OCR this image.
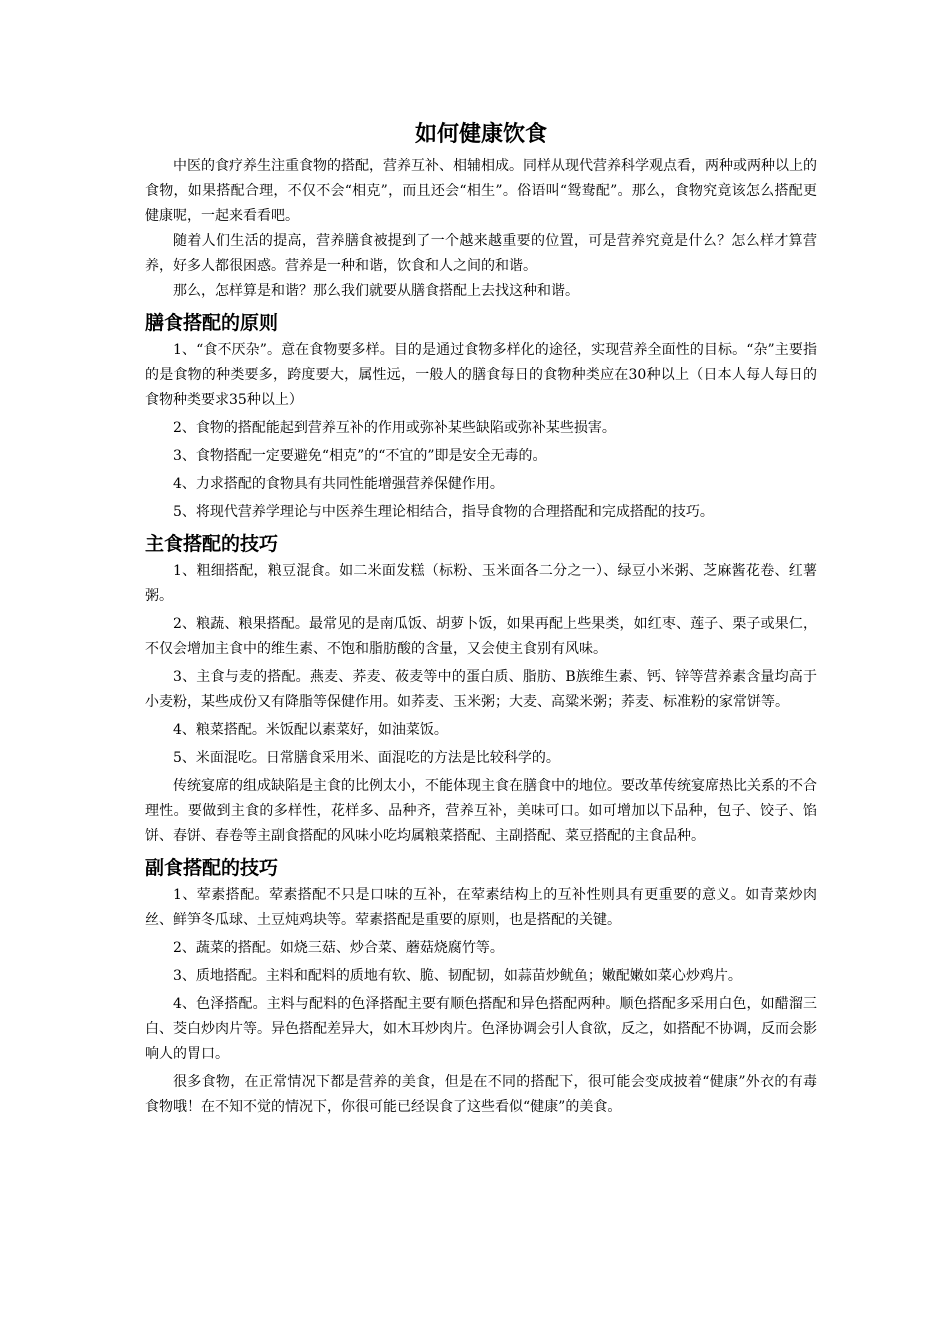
如何健康饮食

中医的食疗养生注重食物的搭配，营养互补、相辅相成。同样从现代营养科学观点看，两种或两种以上的食物，如果搭配合理，不仅不会“相克”，而且还会“相生”。俗语叫“鸳鸯配”。那么，食物究竟该怎么搭配更健康呢，一起来看看吧。

随着人们生活的提高，营养膳食被提到了一个越来越重要的位置，可是营养究竟是什么？怎么样才算营养，好多人都很困惑。营养是一种和谐，饮食和人之间的和谐。

那么，怎样算是和谐？那么我们就要从膳食搭配上去找这种和谐。

膳食搭配的原则

1、“食不厌杂”。意在食物要多样。目的是通过食物多样化的途径，实现营养全面性的目标。“杂”主要指的是食物的种类要多，跨度要大，属性远，一般人的膳食每日的食物种类应在30种以上（日本人每人每日的食物种类要求35种以上）

2、食物的搭配能起到营养互补的作用或弥补某些缺陷或弥补某些损害。

3、食物搭配一定要避免“相克”的“不宜的”即是安全无毒的。

4、力求搭配的食物具有共同性能增强营养保健作用。

5、将现代营养学理论与中医养生理论相结合，指导食物的合理搭配和完成搭配的技巧。

主食搭配的技巧

1、粗细搭配，粮豆混食。如二米面发糕（标粉、玉米面各二分之一）、绿豆小米粥、芝麻酱花卷、红薯粥。

2、粮蔬、粮果搭配。最常见的是南瓜饭、胡萝卜饭，如果再配上些果类，如红枣、莲子、栗子或果仁，不仅会增加主食中的维生素、不饱和脂肪酸的含量，又会使主食别有风味。

3、主食与麦的搭配。燕麦、荞麦、莜麦等中的蛋白质、脂肪、B族维生素、钙、锌等营养素含量均高于小麦粉，某些成份又有降脂等保健作用。如荞麦、玉米粥；大麦、高粱米粥；荞麦、标准粉的家常饼等。

4、粮菜搭配。米饭配以素菜好，如油菜饭。

5、米面混吃。日常膳食采用米、面混吃的方法是比较科学的。

传统宴席的组成缺陷是主食的比例太小，不能体现主食在膳食中的地位。要改革传统宴席热比关系的不合理性。要做到主食的多样性，花样多、品种齐，营养互补，美味可口。如可增加以下品种，包子、饺子、馅饼、春饼、春卷等主副食搭配的风味小吃均属粮菜搭配、主副搭配、菜豆搭配的主食品种。

副食搭配的技巧

1、荤素搭配。荤素搭配不只是口味的互补，在荤素结构上的互补性则具有更重要的意义。如青菜炒肉丝、鲜笋冬瓜球、土豆炖鸡块等。荤素搭配是重要的原则，也是搭配的关键。

2、蔬菜的搭配。如烧三菇、炒合菜、蘑菇烧腐竹等。

3、质地搭配。主料和配料的质地有软、脆、韧配韧，如蒜苗炒鱿鱼；嫩配嫩如菜心炒鸡片。

4、色泽搭配。主料与配料的色泽搭配主要有顺色搭配和异色搭配两种。顺色搭配多采用白色，如醋溜三白、茭白炒肉片等。异色搭配差异大，如木耳炒肉片。色泽协调会引人食欲，反之，如搭配不协调，反而会影响人的胃口。

很多食物，在正常情况下都是营养的美食，但是在不同的搭配下，很可能会变成披着“健康”外衣的有毒食物哦！在不知不觉的情况下，你很可能已经误食了这些看似“健康”的美食。
